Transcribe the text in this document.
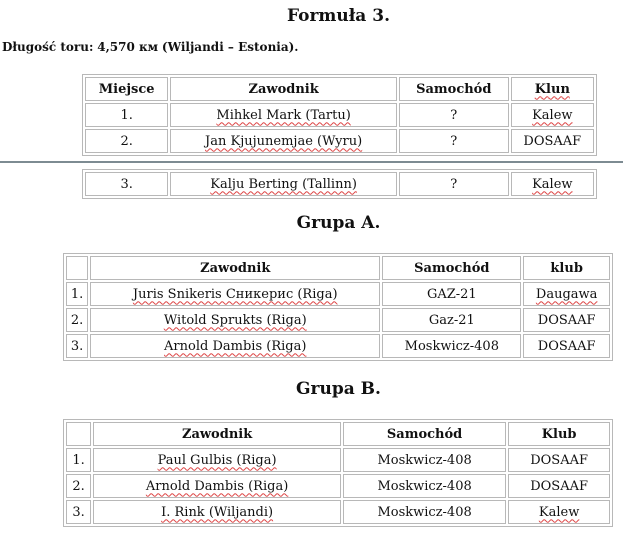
Formuła 3.
Długość toru: 4,570 км (Wiljandi – Estonia).
Miejsce	Zawodnik	Samochód	Klun
1.	Mihkel Mark (Tartu)	?	Kalew
2.	Jan Kjujunemjae (Wyru)	?	DOSAAF
3.	Kalju Berting (Tallinn)	?	Kalew
Grupa A.
	Zawodnik	Samochód	klub
1.	Juris Snikeris Сникерис (Riga)	GAZ-21	Daugawa
2.	Witold Sprukts (Riga)	Gaz-21	DOSAAF
3.	Arnold Dambis (Riga)	Moskwicz-408	DOSAAF
Grupa B.
	Zawodnik	Samochód	Klub
1.	Paul Gulbis (Riga)	Moskwicz-408	DOSAAF
2.	Arnold Dambis (Riga)	Moskwicz-408	DOSAAF
3.	I. Rink (Wiljandi)	Moskwicz-408	Kalew
